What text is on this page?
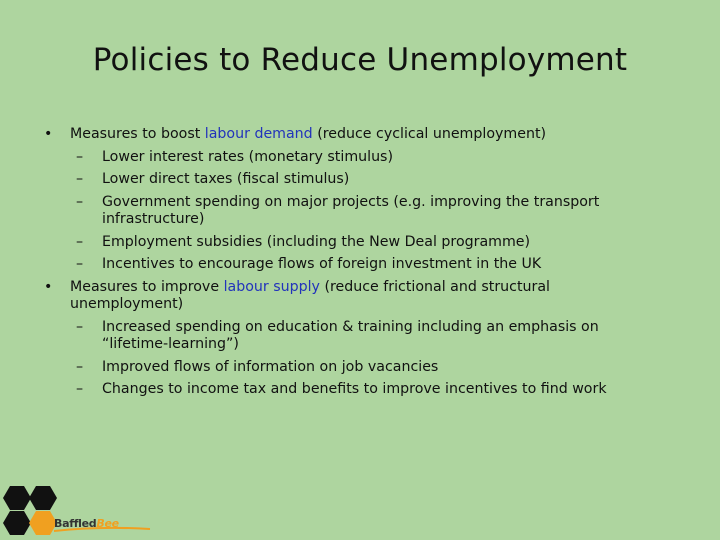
Policies to Reduce Unemployment
• Measures to boost labour demand (reduce cyclical unemployment)
– Lower interest rates (monetary stimulus)
– Lower direct taxes (fiscal stimulus)
– Government spending on major projects (e.g. improving the transport infrastructure)
– Employment subsidies (including the New Deal programme)
– Incentives to encourage flows of foreign investment in the UK
• Measures to improve labour supply (reduce frictional and structural unemployment)
– Increased spending on education & training including an emphasis on “lifetime-learning”)
– Improved flows of information on job vacancies
– Changes to income tax and benefits to improve incentives to find work
BaffledBee
